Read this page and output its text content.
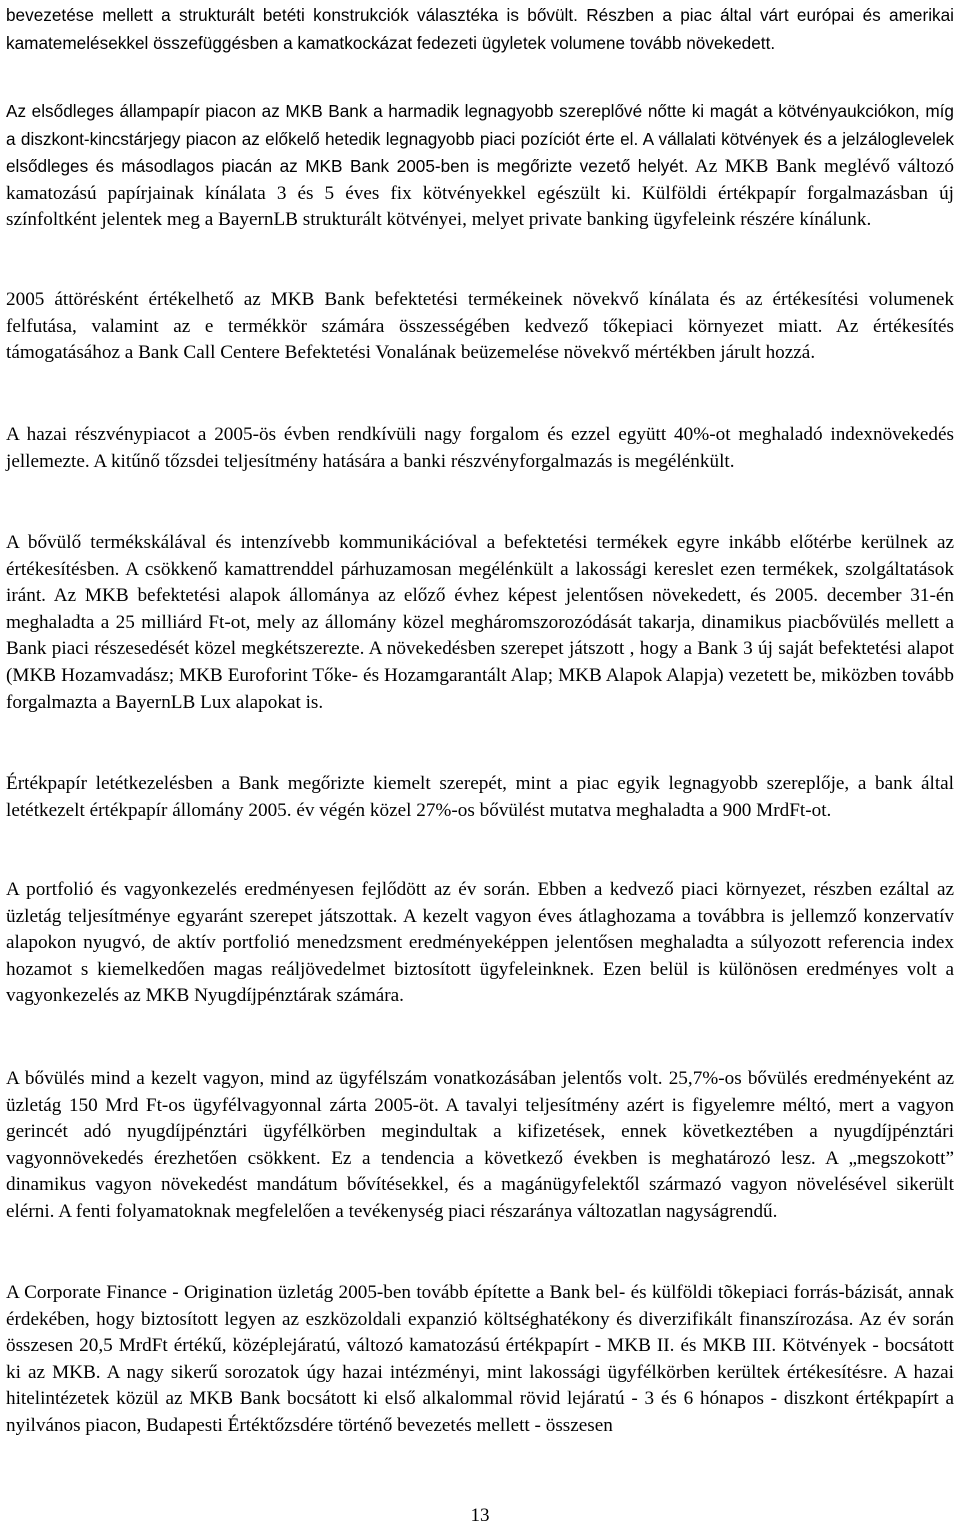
bevezetése mellett a strukturált betéti konstrukciók választéka is bővült. Részben a piac által várt európai és amerikai kamatemelésekkel összefüggésben a kamatkockázat fedezeti ügyletek volumene tovább növekedett.

Az elsődleges állampapír piacon az MKB Bank a harmadik legnagyobb szereplővé nőtte ki magát a kötvényaukciókon, míg a diszkont-kincstárjegy piacon az előkelő hetedik legnagyobb piaci pozíciót érte el. A vállalati kötvények és a jelzáloglevelek elsődleges és másodlagos piacán az MKB Bank 2005-ben is megőrizte vezető helyét. Az MKB Bank meglévő változó kamatozású papírjainak kínálata 3 és 5 éves fix kötvényekkel egészült ki. Külföldi értékpapír forgalmazásban új színfoltként jelentek meg a BayernLB strukturált kötvényei, melyet private banking ügyfeleink részére kínálunk.

2005 áttörésként értékelhető az MKB Bank befektetési termékeinek növekvő kínálata és az értékesítési volumenek felfutása, valamint az e termékkör számára összességében kedvező tőkepiaci környezet miatt. Az értékesítés támogatásához a Bank Call Centere Befektetési Vonalának beüzemelése növekvő mértékben járult hozzá.

A hazai részvénypiacot a 2005-ös évben rendkívüli nagy forgalom és ezzel együtt 40%-ot meghaladó indexnövekedés jellemezte. A kitűnő tőzsdei teljesítmény hatására a banki részvényforgalmazás is megélénkült.

A bővülő termékskálával és intenzívebb kommunikációval a befektetési termékek egyre inkább előtérbe kerülnek az értékesítésben. A csökkenő kamattrenddel párhuzamosan megélénkült a lakossági kereslet ezen termékek, szolgáltatások iránt. Az MKB befektetési alapok állománya az előző évhez képest jelentősen növekedett, és 2005. december 31-én meghaladta a 25 milliárd Ft-ot, mely az állomány közel megháromszorozódását takarja, dinamikus piacbővülés mellett a Bank piaci részesedését közel megkétszerezte. A növekedésben szerepet játszott , hogy a Bank 3 új saját befektetési alapot (MKB Hozamvadász; MKB Euroforint Tőke- és Hozamgarantált Alap; MKB Alapok Alapja) vezetett be, miközben tovább forgalmazta a BayernLB Lux alapokat is.

Értékpapír letétkezelésben a Bank megőrizte kiemelt szerepét, mint a piac egyik legnagyobb szereplője, a bank által letétkezelt értékpapír állomány 2005. év végén közel 27%-os bővülést mutatva meghaladta a 900 MrdFt-ot.

A portfolió és vagyonkezelés eredményesen fejlődött az év során. Ebben a kedvező piaci környezet, részben ezáltal az üzletág teljesítménye egyaránt szerepet játszottak. A kezelt vagyon éves átlaghozama a továbbra is jellemző konzervatív alapokon nyugvó, de aktív portfolió menedzsment eredményeképpen jelentősen meghaladta a súlyozott referencia index hozamot s kiemelkedően magas reáljövedelmet biztosított ügyfeleinknek. Ezen belül is különösen eredményes volt a vagyonkezelés az MKB Nyugdíjpénztárak számára.

A bővülés mind a kezelt vagyon, mind az ügyfélszám vonatkozásában jelentős volt. 25,7%-os bővülés eredményeként az üzletág 150 Mrd Ft-os ügyfélvagyonnal zárta 2005-öt. A tavalyi teljesítmény azért is figyelemre méltó, mert a vagyon gerincét adó nyugdíjpénztári ügyfélkörben megindultak a kifizetések, ennek következtében a nyugdíjpénztári vagyonnövekedés érezhetően csökkent. Ez a tendencia a következő években is meghatározó lesz. A „megszokott” dinamikus vagyon növekedést mandátum bővítésekkel, és a magánügyfelektől származó vagyon növelésével sikerült elérni. A fenti folyamatoknak megfelelően a tevékenység piaci részaránya változatlan nagyságrendű.

A Corporate Finance - Origination üzletág 2005-ben tovább építette a Bank bel- és külföldi tõkepiaci forrás-bázisát, annak érdekében, hogy biztosított legyen az eszközoldali expanzió költséghatékony és diverzifikált finanszírozása. Az év során összesen 20,5 MrdFt értékű, középlejáratú, változó kamatozású értékpapírt - MKB II. és MKB III. Kötvények - bocsátott ki az MKB. A nagy sikerű sorozatok úgy hazai intézményi, mint lakossági ügyfélkörben kerültek értékesítésre. A hazai hitelintézetek közül az MKB Bank bocsátott ki első alkalommal rövid lejáratú - 3 és 6 hónapos - diszkont értékpapírt a nyilvános piacon, Budapesti Értéktőzsdére történő bevezetés mellett - összesen

13
